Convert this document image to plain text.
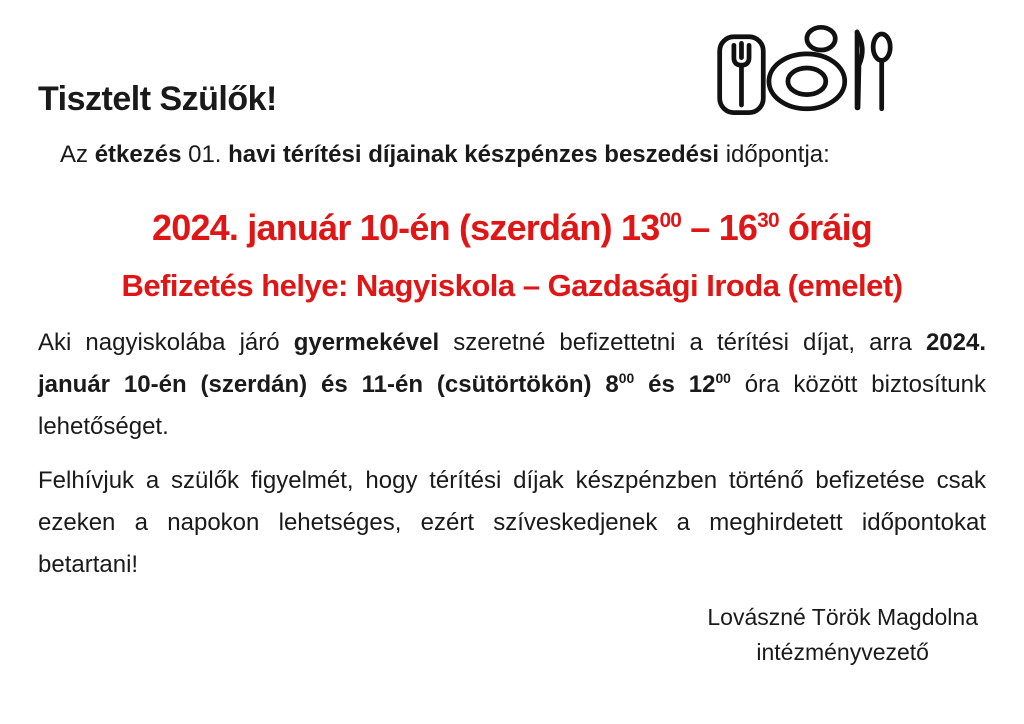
Tisztelt Szülők!

Az étkezés 01. havi térítési díjainak készpénzes beszedési időpontja:

2024. január 10-én (szerdán) $13^{00} - 16^{30}$ óráig

Befizetés helye: Nagyiskola – Gazdasági Iroda (emelet)

Aki nagyiskolába járó gyermekével szeretné befizettetni a térítési díjat, arra 2024. január 10-én (szerdán) és 11-én (csütörtökön) $8^{00}$ és $12^{00}$ óra között biztosítunk lehetőséget.

Felhívjuk a szülők figyelmét, hogy térítési díjak készpénzben történő befizetése csak ezeken a napokon lehetséges, ezért szíveskedjenek a meghirdetett időpontokat betartani!

Lovászné Török Magdolna
intézményvezető
